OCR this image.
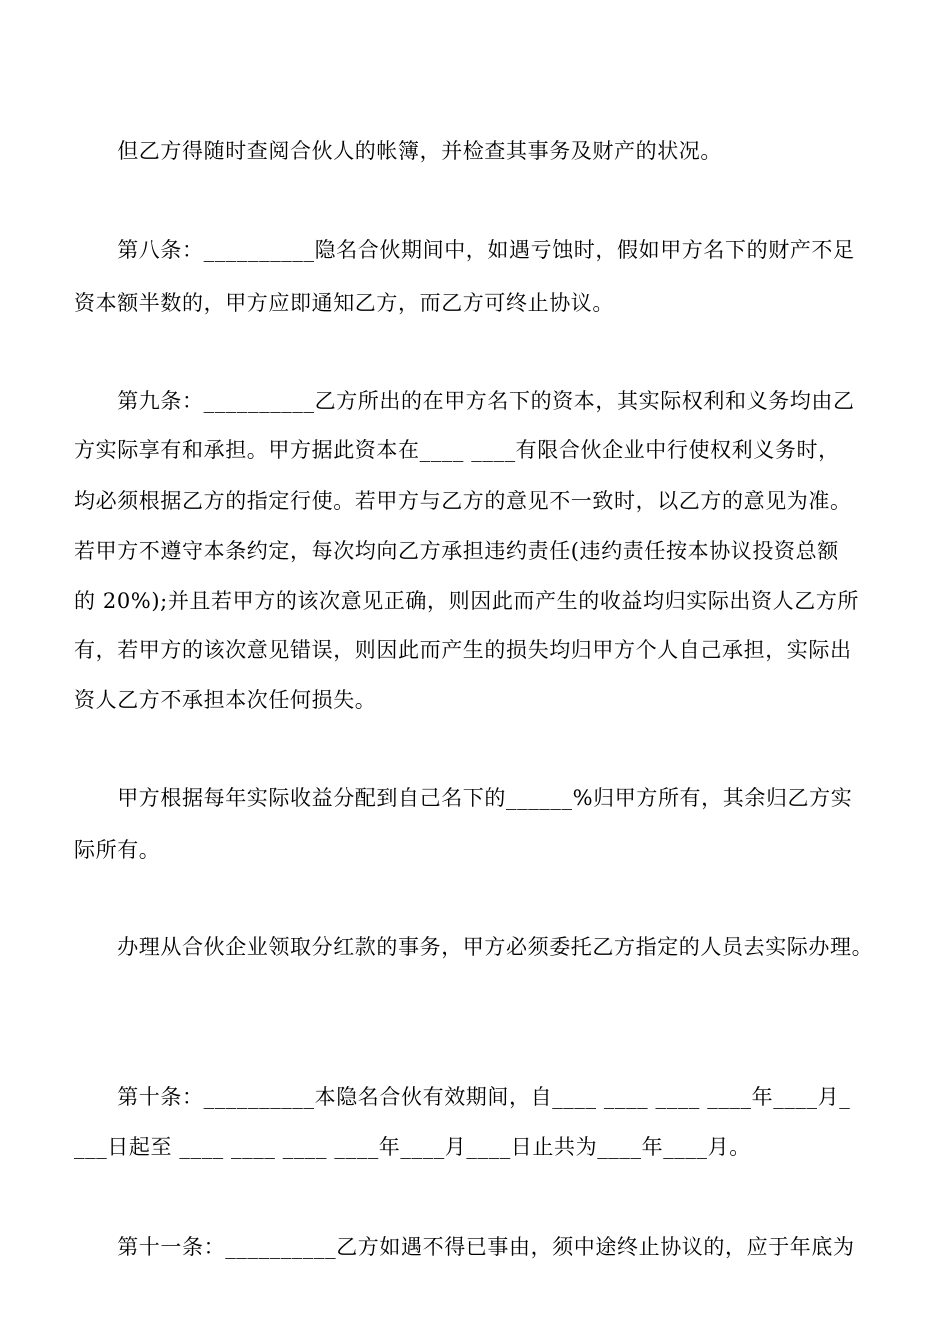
　　但乙方得随时查阅合伙人的帐簿，并检查其事务及财产的状况。
　　第八条：__________隐名合伙期间中，如遇亏蚀时，假如甲方名下的财产不足
资本额半数的，甲方应即通知乙方，而乙方可终止协议。
　　第九条：__________乙方所出的在甲方名下的资本，其实际权利和义务均由乙
方实际享有和承担。甲方据此资本在____ ____有限合伙企业中行使权利义务时，
均必须根据乙方的指定行使。若甲方与乙方的意见不一致时，以乙方的意见为准。
若甲方不遵守本条约定，每次均向乙方承担违约责任(违约责任按本协议投资总额
的 20%);并且若甲方的该次意见正确，则因此而产生的收益均归实际出资人乙方所
有，若甲方的该次意见错误，则因此而产生的损失均归甲方个人自己承担，实际出
资人乙方不承担本次任何损失。
　　甲方根据每年实际收益分配到自己名下的______%归甲方所有，其余归乙方实
际所有。
　　办理从合伙企业领取分红款的事务，甲方必须委托乙方指定的人员去实际办理。
　　第十条：__________本隐名合伙有效期间，自____ ____ ____ ____年____月_
___日起至 ____ ____ ____ ____年____月____日止共为____年____月。
　　第十一条：__________乙方如遇不得已事由，须中途终止协议的，应于年底为
